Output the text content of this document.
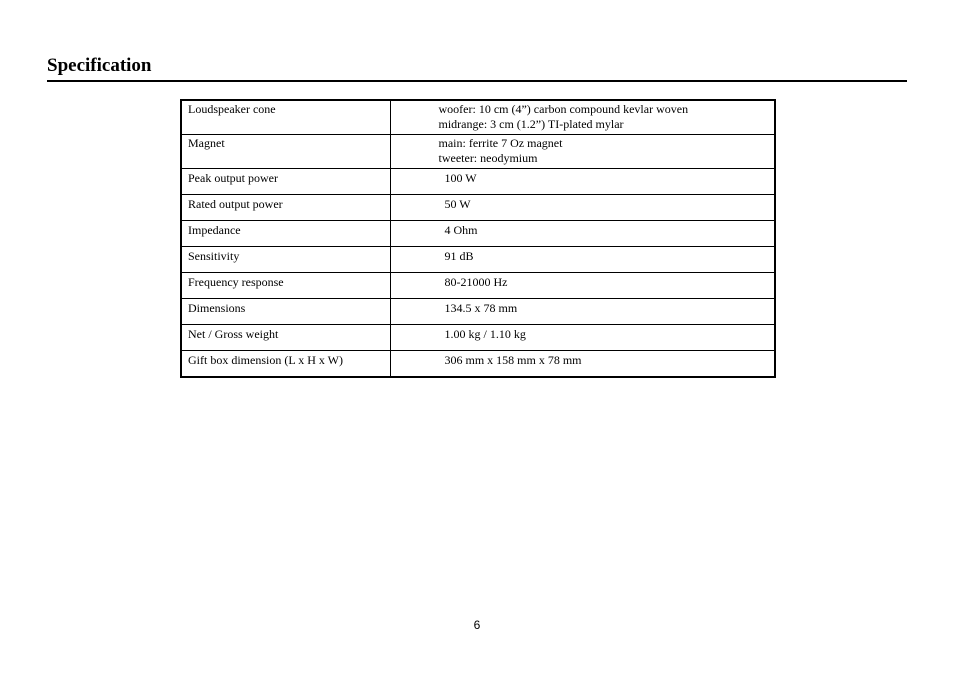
Specification
Loudspeaker cone	woofer: 10 cm (4”) carbon compound kevlar woven
midrange: 3 cm (1.2”) TI-plated mylar

Magnet	main: ferrite 7 Oz magnet
tweeter: neodymium

Peak output power	100 W
Rated output power	50 W
Impedance	4 Ohm
Sensitivity	91 dB
Frequency response	80-21000 Hz
Dimensions	134.5 x 78 mm
Net / Gross weight	1.00 kg / 1.10 kg
Gift box dimension (L x H x W)	306 mm x 158 mm x 78 mm
6
